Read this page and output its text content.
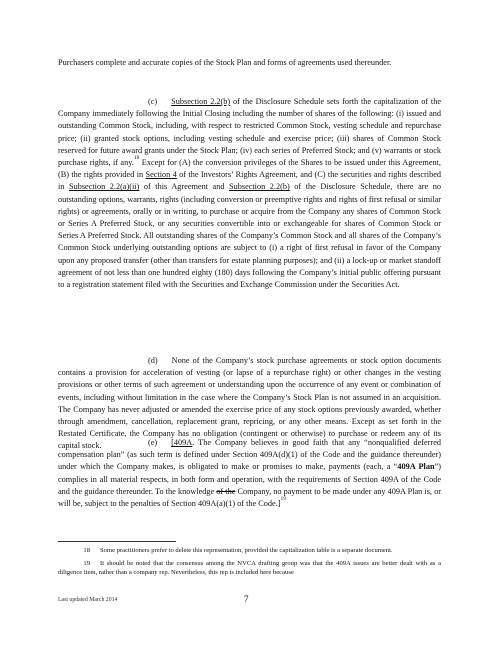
Purchasers complete and accurate copies of the Stock Plan and forms of agreements used thereunder.

(c) Subsection 2.2(b) of the Disclosure Schedule sets forth the capitalization of the Company immediately following the Initial Closing including the number of shares of the following: (i) issued and outstanding Common Stock, including, with respect to restricted Common Stock, vesting schedule and repurchase price; (ii) granted stock options, including vesting schedule and exercise price; (iii) shares of Common Stock reserved for future award grants under the Stock Plan; (iv) each series of Preferred Stock; and (v) warrants or stock purchase rights, if any.$^{18}$ Except for (A) the conversion privileges of the Shares to be issued under this Agreement, (B) the rights provided in Section 4 of the Investors’ Rights Agreement, and (C) the securities and rights described in Subsection 2.2(a)(ii) of this Agreement and Subsection 2.2(b) of the Disclosure Schedule, there are no outstanding options, warrants, rights (including conversion or preemptive rights and rights of first refusal or similar rights) or agreements, orally or in writing, to purchase or acquire from the Company any shares of Common Stock or Series A Preferred Stock, or any securities convertible into or exchangeable for shares of Common Stock or Series A Preferred Stock. All outstanding shares of the Company’s Common Stock and all shares of the Company’s Common Stock underlying outstanding options are subject to (i) a right of first refusal in favor of the Company upon any proposed transfer (other than transfers for estate planning purposes); and (ii) a lock-up or market standoff agreement of not less than one hundred eighty (180) days following the Company’s initial public offering pursuant to a registration statement filed with the Securities and Exchange Commission under the Securities Act.

(d) None of the Company’s stock purchase agreements or stock option documents contains a provision for acceleration of vesting (or lapse of a repurchase right) or other changes in the vesting provisions or other terms of such agreement or understanding upon the occurrence of any event or combination of events, including without limitation in the case where the Company’s Stock Plan is not assumed in an acquisition. The Company has never adjusted or amended the exercise price of any stock options previously awarded, whether through amendment, cancellation, replacement grant, repricing, or any other means. Except as set forth in the Restated Certificate, the Company has no obligation (contingent or otherwise) to purchase or redeem any of its capital stock.	(e) [409A. The Company believes in good faith that any “nonqualified deferred compensation plan” (as such term is defined under Section 409A(d)(1) of the Code and the guidance thereunder) under which the Company makes, is obligated to make or promises to make, payments (each, a “409A Plan”) complies in all material respects, in both form and operation, with the requirements of Section 409A of the Code and the guidance thereunder. To the knowledge of the Company, no payment to be made under any 409A Plan is, or will be, subject to the penalties of Section 409A(a)(1) of the Code.]$^{19}$

18 Some practitioners prefer to delete this representation, provided the capitalization table is a separate document.

19 It should be noted that the consensus among the NVCA drafting group was that the 409A issues are better dealt with as a diligence item, rather than a company rep. Nevertheless, this rep is included here because

Last updated March 2014	7
